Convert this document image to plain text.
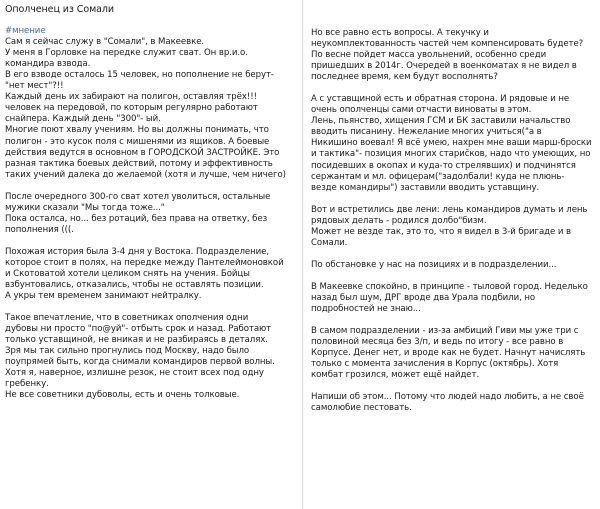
Ополченец из Сомали

#мнение

Сам я сейчас служу в "Сомали", в Макеевке.

У меня в Горловке на передке служит сват. Он вр.и.о.

командира взвода.

В его взводе осталось 15 человек, но пополнение не берут-

"нет мест"?!!

Каждый день их забирают на полигон, оставляя трёх!!!

человек на передовой, по которым регулярно работают

снайпера. Каждый день "300"- ый.

Многие поют хвалу учениям. Но вы должны понимать, что

полигон - это кусок поля с мишенями из ящиков. А боевые

действия ведутся в основном в ГОРОДСКОЙ ЗАСТРОЙКЕ. Это

разная тактика боевых действий, потому и эффективность

таких учений далека до желаемой (хотя и лучше, чем ничего)

После очередного 300-го сват хотел уволиться, остальные

мужики сказали "Мы тогда тоже..."

Пока осталса, но... без ротаций, без права на ответку, без

пополнения (((.

Похожая история была 3-4 дня у Востока. Подразделение,

которое стоит в полях, на передке между Пантелеймоновкой

и Скотоватой хотели целиком снять на учения. Бойцы

взбунтовались, отказались, чтобы не оставлять позиции.

А укры тем временем занимают нейтралку.

Такое впечатление, что в советниках ополчения одни

дубовы ни просто "по@уй"- отбыть срок и назад. Работают

только уставщиной, не вникая и не разбираясь в деталях.

Зря мы так сильно прогнулись под Москву, надо было

поупрямей быть, когда снимали командиров первой волны.

Хотя я, наверное, излишне резок, не стоит всех под одну

гребенку.

Не все советники дубоволы, есть и очень толковые.

Но все равно есть вопросы. А текучку и

неукомплектованность частей чем компенсировать будете?

По весне пойдет масса увольнений, особенно среди

пришедших в 2014г. Очередей в военкоматах я не видел в

последнее время, кем будут восполнять?

А с уставщиной есть и обратная сторона. И рядовые и не

очень ополченцы сами отчасти виноваты в этом.

Лень, пьянство, хищения ГСМ и БК заставили начальство

вводить писанину. Нежелание многих учиться("а в

Никишино воевал! Я всё умею, нахрен мне ваши марш-броски

и тактика"- позиция многих стариčков, надо что умеющих, но

посидевших в окопах и куда-то стрелявших) и подчинятся

сержантам и мл. офицерам("задолбали! куда не плюнь-

везде командиры") заставили вводить уставщину.

Вот и встретились две лени: лень командиров думать и лень

рядовых делать - родился долбо"бизм.

Может не везде так, это то, что я видел в 3-й бригаде и в

Сомали.

По обстановке у нас на позициях и в подразделении...

В Макеевке спокойно, в принципе - тыловой город. Неделько

назад был шум, ДРГ вроде два Урала подбили, но

подробностей не знаю...

В самом подразделении - из-за амбиций Гиви мы уже три с

половиной месяца без 3/п, и ведь по итогу - все равно в

Корпусе. Денег нет, и вроде как не будет. Начнут начислять

только с момента зачисления в Корпус (октябрь). Хотя

комбат грозился, может ещё найдет.

Напиши об этом... Потому что людей надо любить, а не своё

самолюбие пестовать.
